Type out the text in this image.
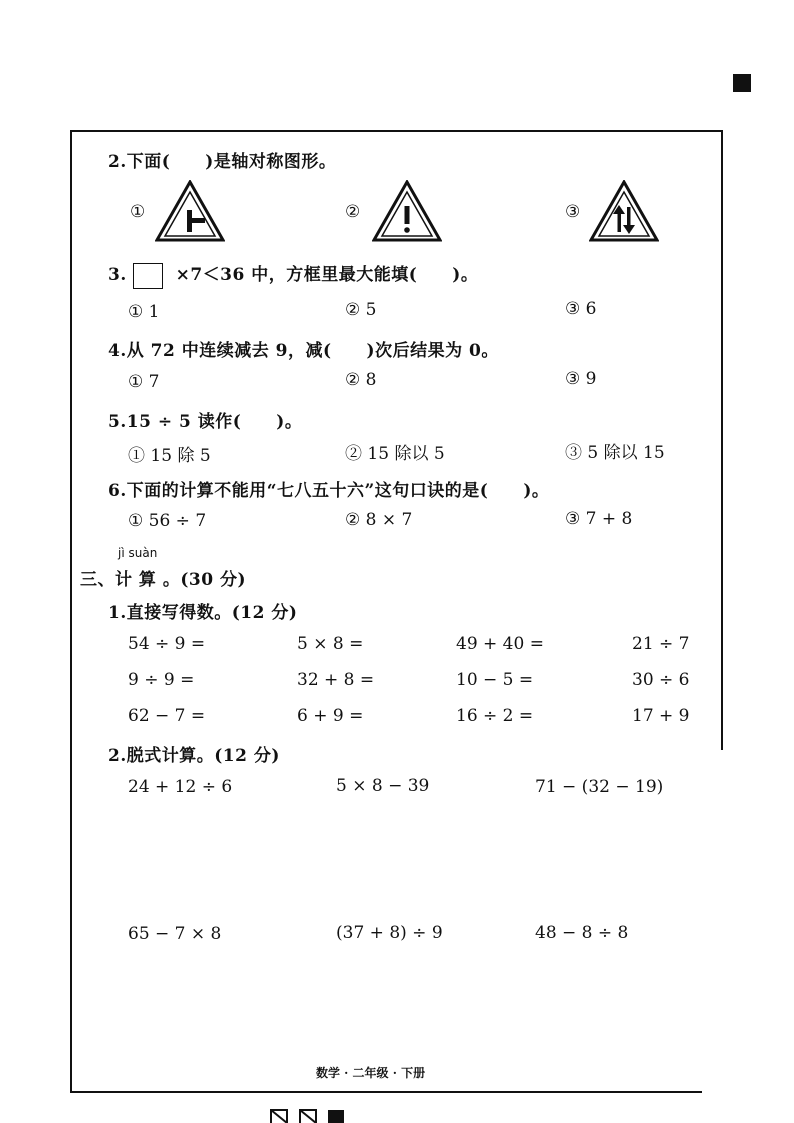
2.下面(　　)是轴对称图形。
①	②	③
3.	×7＜36 中，方框里最大能填(　　)。
① 1	② 5	③ 6
4.从 72 中连续减去 9，减(　　)次后结果为 0。
① 7	② 8	③ 9
5.15 ÷ 5 读作(　　)。
① 15 除 5	② 15 除以 5	③ 5 除以 15
6.下面的计算不能用“七八五十六”这句口诀的是(　　)。
① 56 ÷ 7	② 8 × 7	③ 7 + 8
jì suàn
三、计 算 。(30 分)
1.直接写得数。(12 分)
54 ÷ 9 =	5 × 8 =	49 + 40 =	21 ÷ 7
9 ÷ 9 =	32 + 8 =	10 − 5 =	30 ÷ 6
62 − 7 =	6 + 9 =	16 ÷ 2 =	17 + 9
2.脱式计算。(12 分)
24 + 12 ÷ 6	5 × 8 − 39	71 − (32 − 19)
65 − 7 × 8	(37 + 8) ÷ 9	48 − 8 ÷ 8
数学 · 二年级 · 下册
